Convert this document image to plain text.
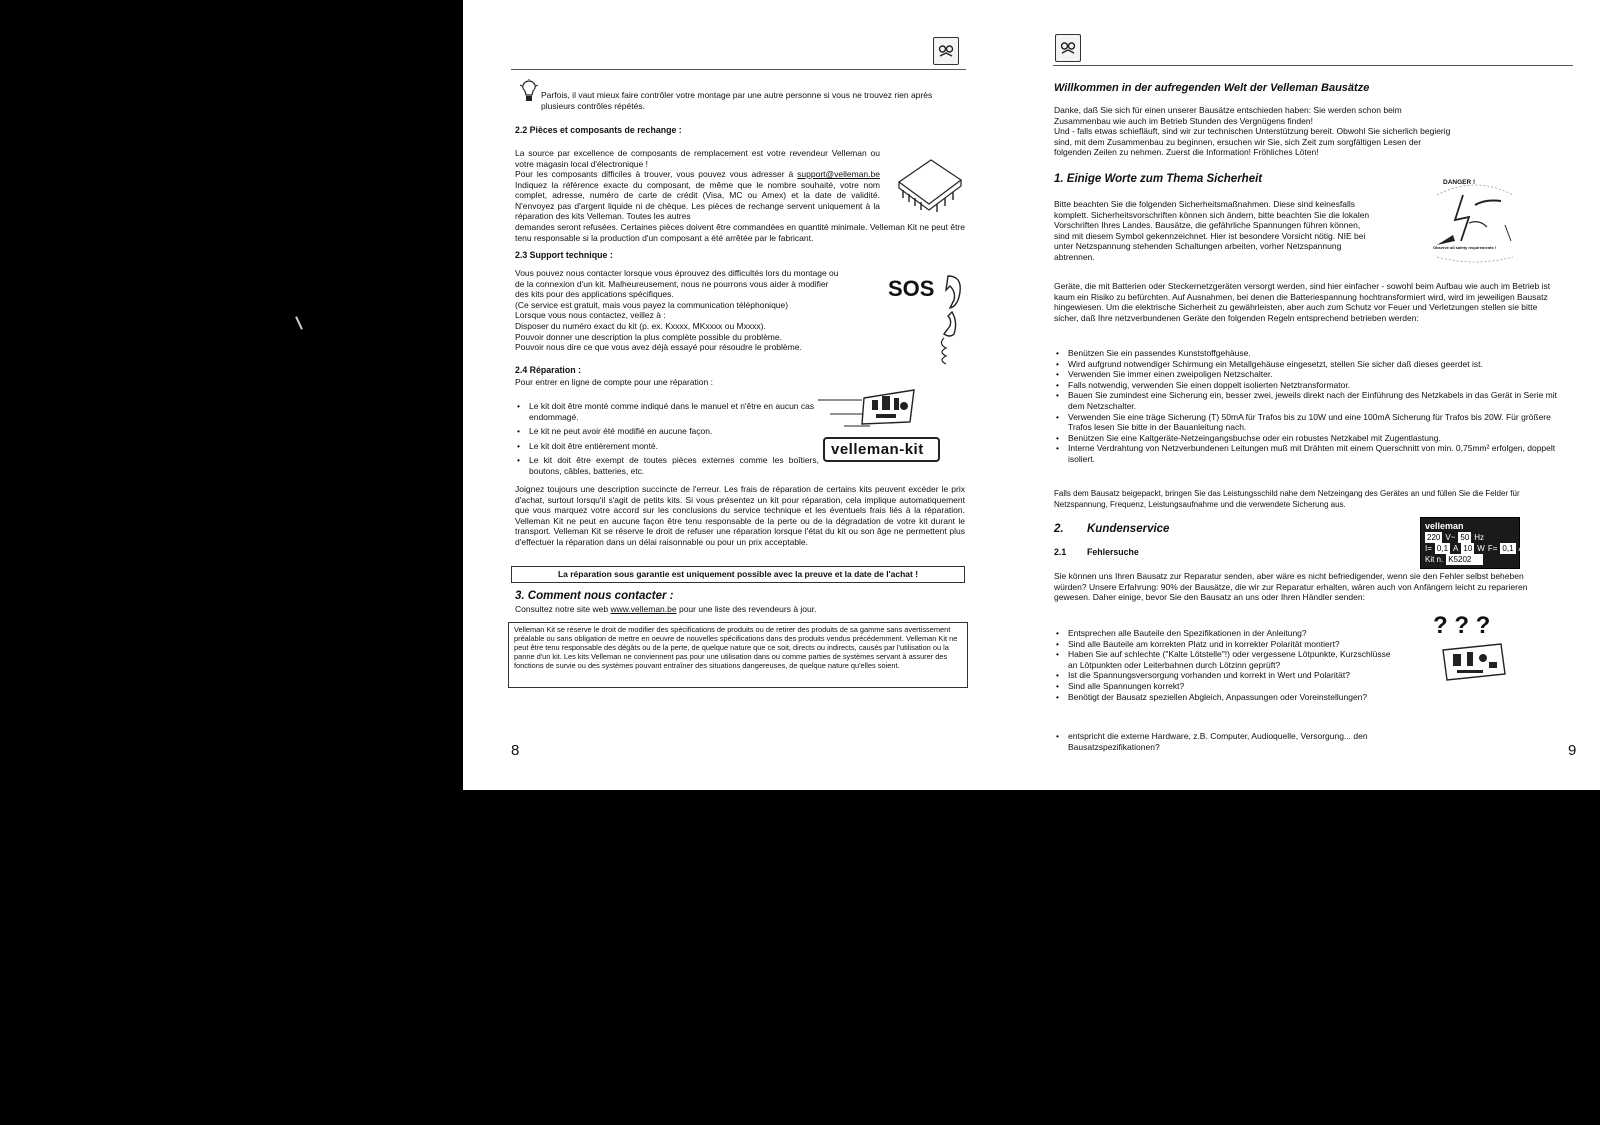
Parfois, il vaut mieux faire contrôler votre montage par une autre personne si vous ne trouvez rien après plusieurs contrôles répétés.

2.2 Pièces et composants de rechange :

La source par excellence de composants de remplacement est votre revendeur Velleman ou votre magasin local d'électronique !

Pour les composants difficiles à trouver, vous pouvez vous adresser à support@velleman.be Indiquez la référence exacte du composant, de même que le nombre souhaité, votre nom complet, adresse, numéro de carte de crédit (Visa, MC ou Amex) et la date de validité. N'envoyez pas d'argent liquide ni de chèque. Les pièces de rechange servent uniquement à la réparation des kits Velleman. Toutes les autres

demandes seront refusées. Certaines pièces doivent être commandées en quantité minimale. Velleman Kit ne peut être tenu responsable si la production d'un composant a été arrêtée par le fabricant.

2.3 Support technique :

Vous pouvez nous contacter lorsque vous éprouvez des difficultés lors du montage ou

de la connexion d'un kit. Malheureusement, nous ne pourrons vous aider à modifier

des kits pour des applications spécifiques.

(Ce service est gratuit, mais vous payez la communication téléphonique)

Lorsque vous nous contactez, veillez à :

Disposer du numéro exact du kit (p. ex. Kxxxx, MKxxxx ou Mxxxx).

Pouvoir donner une description la plus complète possible du problème.

Pouvoir nous dire ce que vous avez déjà essayé pour résoudre le problème.

SOS

2.4 Réparation :

Pour entrer en ligne de compte pour une réparation :

• Le kit doit être monté comme indiqué dans le manuel et n'être en aucun cas endommagé.
• Le kit ne peut avoir été modifié en aucune façon.
• Le kit doit être entièrement monté.
• Le kit doit être exempt de toutes pièces externes comme les boîtiers, boutons, câbles, batteries, etc.
velleman-kit

Joignez toujours une description succincte de l'erreur. Les frais de réparation de certains kits peuvent excéder le prix d'achat, surtout lorsqu'il s'agit de petits kits. Si vous présentez un kit pour réparation, cela implique automatiquement que vous marquez votre accord sur les conclusions du service technique et les éventuels frais liés à la réparation. Velleman Kit ne peut en aucune façon être tenu responsable de la perte ou de la dégradation de votre kit durant le transport. Velleman Kit se réserve le droit de refuser une réparation lorsque l'état du kit ou son âge ne permettent plus d'effectuer la réparation dans un délai raisonnable ou pour un prix acceptable.

La réparation sous garantie est uniquement possible avec la preuve et la date de l'achat !

3. Comment nous contacter :

Consultez notre site web www.velleman.be pour une liste des revendeurs à jour.

Velleman Kit se réserve le droit de modifier des spécifications de produits ou de retirer des produits de sa gamme sans avertissement préalable ou sans obligation de mettre en oeuvre de nouvelles spécifications dans des produits vendus précédemment. Velleman Kit ne peut être tenu responsable des dégâts ou de la perte, de quelque nature que ce soit, directs ou indirects, causés par l'utilisation ou la panne d'un kit. Les kits Velleman ne conviennent pas pour une utilisation dans ou comme parties de systèmes servant à assurer des fonctions de survie ou des systèmes pouvant entraîner des situations dangereuses, de quelque nature qu'elles soient.

8

Willkommen in der aufregenden Welt der Velleman Bausätze

Danke, daß Sie sich für einen unserer Bausätze entschieden haben: Sie werden schon beim

Zusammenbau wie auch im Betrieb Stunden des Vergnügens finden!

Und - falls etwas schiefläuft, sind wir zur technischen Unterstützung bereit. Obwohl Sie sicherlich begierig

sind, mit dem Zusammenbau zu beginnen, ersuchen wir Sie, sich Zeit zum sorgfältigen Lesen der

folgenden Zeilen zu nehmen. Zuerst die Information! Fröhliches Löten!

1. Einige Worte zum Thema Sicherheit

Bitte beachten Sie die folgenden Sicherheitsmaßnahmen. Diese sind keinesfalls

komplett. Sicherheitsvorschriften können sich ändern, bitte beachten Sie die lokalen

Vorschriften Ihres Landes. Bausätze, die gefährliche Spannungen führen können,

sind mit diesem Symbol gekennzeichnet. Hier ist besondere Vorsicht nötig. NIE bei

unter Netzspannung stehenden Schaltungen arbeiten, vorher Netzspannung

abtrennen.

DANGER !
Observe all safety requirements !

Geräte, die mit Batterien oder Steckernetzgeräten versorgt werden, sind hier einfacher - sowohl beim Aufbau wie auch im Betrieb ist kaum ein Risiko zu befürchten. Auf Ausnahmen, bei denen die Batteriespannung hochtransformiert wird, wird im jeweiligen Bausatz hingewiesen. Um die elektrische Sicherheit zu gewährleisten, aber auch zum Schutz vor Feuer und Verletzungen stellen sie bitte sicher, daß Ihre netzverbundenen Geräte den folgenden Regeln entsprechend betrieben werden:

• Benützen Sie ein passendes Kunststoffgehäuse.
• Wird aufgrund notwendiger Schirmung ein Metallgehäuse eingesetzt, stellen Sie sicher daß dieses geerdet ist.
• Verwenden Sie immer einen zweipoligen Netzschalter.
• Falls notwendig, verwenden Sie einen doppelt isolierten Netztransformator.
• Bauen Sie zumindest eine Sicherung ein, besser zwei, jeweils direkt nach der Einführung des Netzkabels in das Gerät in Serie mit dem Netzschalter.
• Verwenden Sie eine träge Sicherung (T) 50mA für Trafos bis zu 10W und eine 100mA Sicherung für Trafos bis 20W. Für größere Trafos lesen Sie bitte in der Bauanleitung nach.
• Benützen Sie eine Kaltgeräte-Netzeingangsbuchse oder ein robustes Netzkabel mit Zugentlastung.
• Interne Verdrahtung von Netzverbundenen Leitungen muß mit Drähten mit einem Querschnitt von min. 0,75mm² erfolgen, doppelt isoliert.

Falls dem Bausatz beigepackt, bringen Sie das Leistungsschild nahe dem Netzeingang des Gerätes an und füllen Sie die Felder für Netzspannung, Frequenz, Leistungsaufnahme und die verwendete Sicherung aus.

2. Kundenservice

2.1 Fehlersuche

velleman
220 V~ 50 Hz
I= 0,1 A 10 W F= 0,1 A
Kit n. K5202

Sie können uns Ihren Bausatz zur Reparatur senden, aber wäre es nicht befriedigender, wenn sie den Fehler selbst beheben würden? Unsere Erfahrung: 90% der Bausätze, die wir zur Reparatur erhalten, wären auch von Anfängern leicht zu reparieren gewesen. Daher einige, bevor Sie den Bausatz an uns oder Ihren Händler senden:

• Entsprechen alle Bauteile den Spezifikationen in der Anleitung?
• Sind alle Bauteile am korrekten Platz und in korrekter Polarität montiert?
• Haben Sie auf schlechte ("Kalte Lötstelle"!) oder vergessene Lötpunkte, Kurzschlüsse an Lötpunkten oder Leiterbahnen durch Lötzinn geprüft?
• Ist die Spannungsversorgung vorhanden und korrekt in Wert und Polarität?
• Sind alle Spannungen korrekt?
• Benötigt der Bausatz speziellen Abgleich, Anpassungen oder Voreinstellungen?
• entspricht die externe Hardware, z.B. Computer, Audioquelle, Versorgung... den Bausatzspezifikationen?
? ? ?
9
